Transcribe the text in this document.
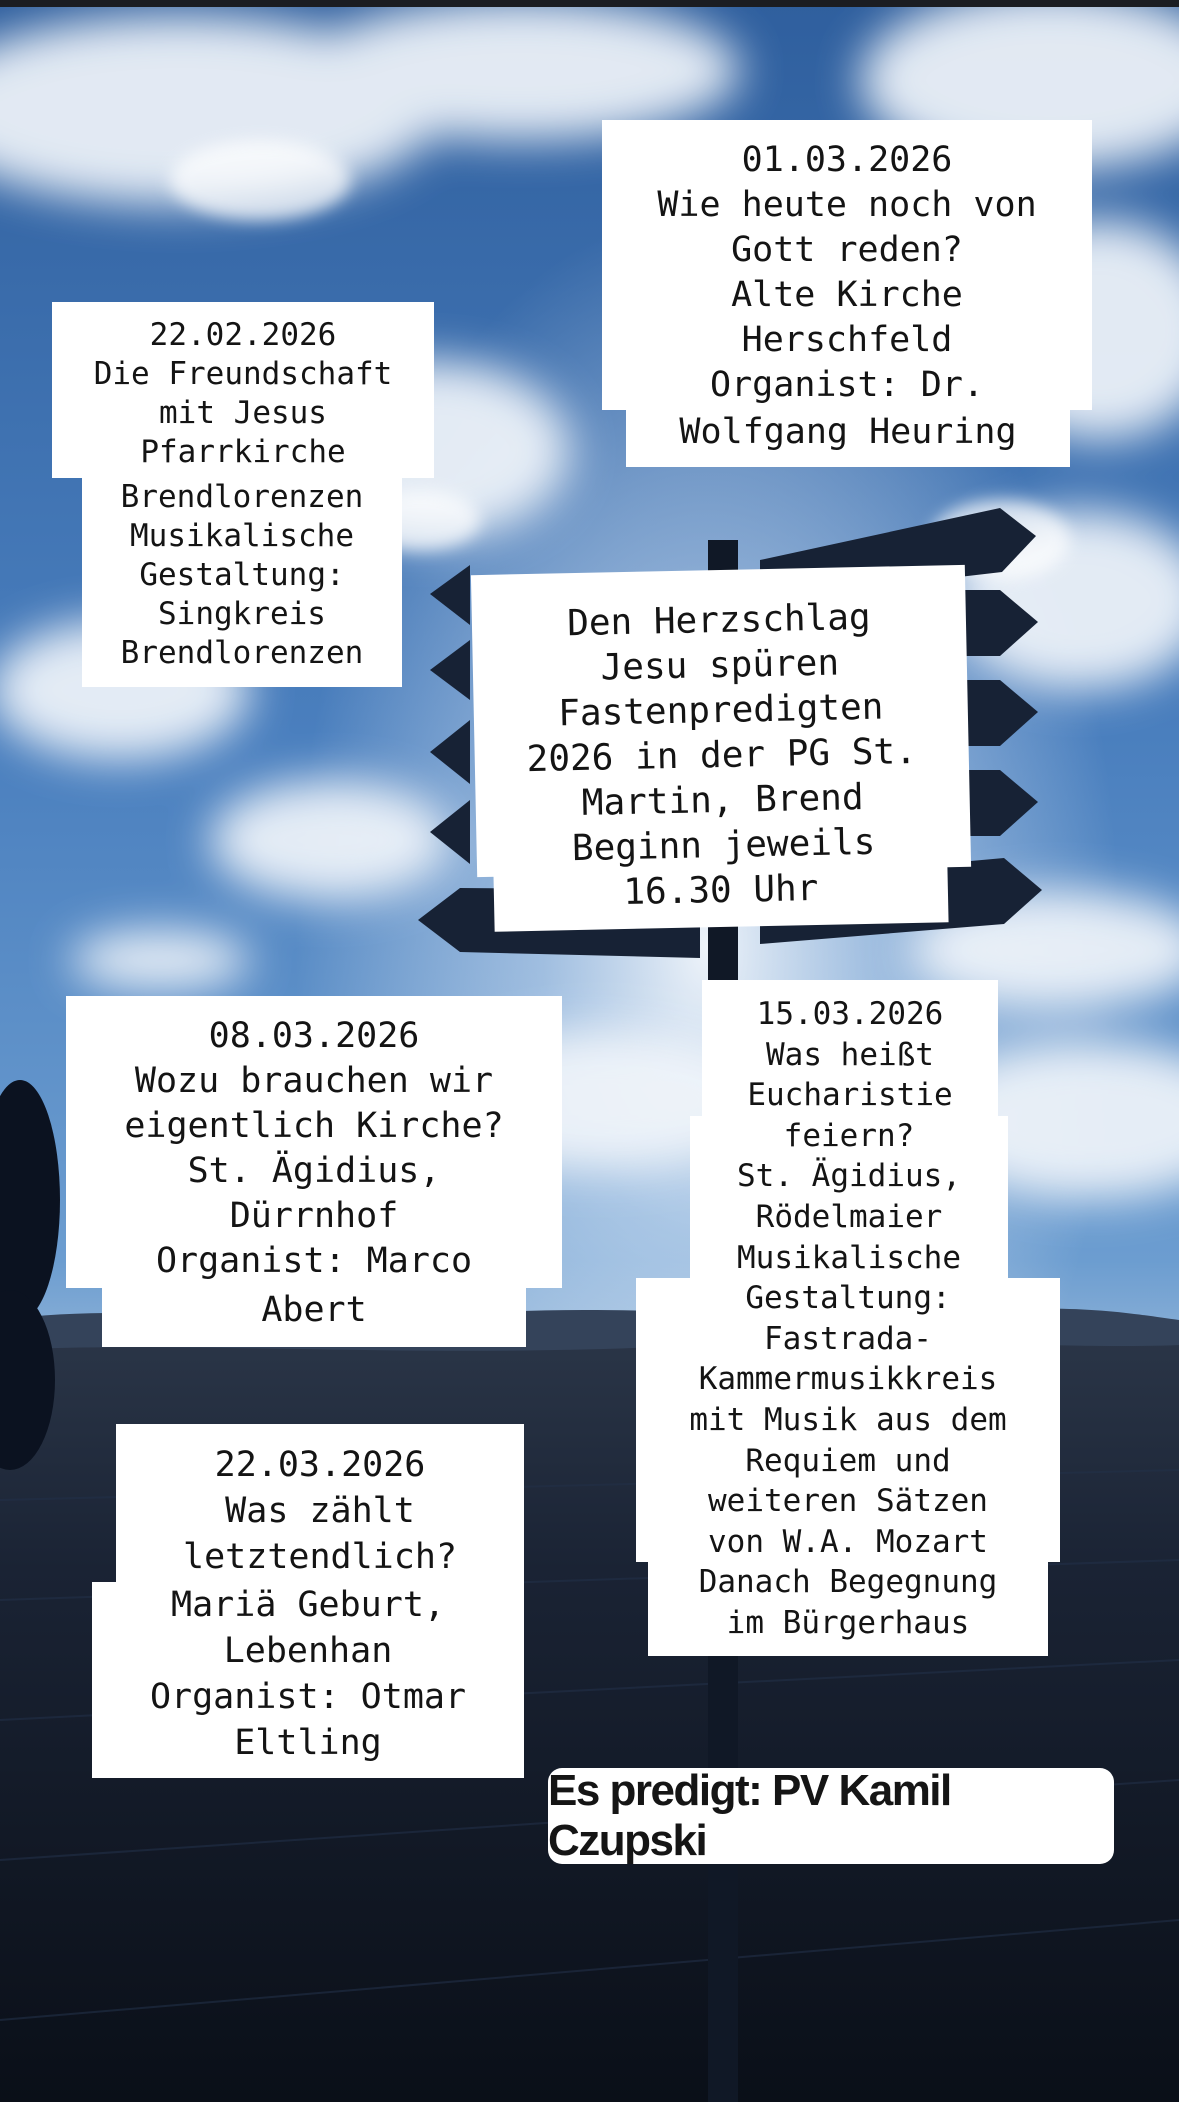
22.02.2026
Die Freundschaft
mit Jesus
Pfarrkirche
Brendlorenzen
Musikalische
Gestaltung:
Singkreis
Brendlorenzen
01.03.2026
Wie heute noch von
Gott reden?
Alte Kirche
Herschfeld
Organist: Dr.
Wolfgang Heuring
Den Herzschlag
Jesu spüren
Fastenpredigten
2026 in der PG St.
Martin, Brend
Beginn jeweils
16.30 Uhr
08.03.2026
Wozu brauchen wir
eigentlich Kirche?
St. Ägidius,
Dürrnhof
Organist: Marco
Abert
15.03.2026
Was heißt
Eucharistie
feiern?
St. Ägidius,
Rödelmaier
Musikalische
Gestaltung:
Fastrada-
Kammermusikkreis
mit Musik aus dem
Requiem und
weiteren Sätzen
von W.A. Mozart
Danach Begegnung
im Bürgerhaus
22.03.2026
Was zählt
letztendlich?
Mariä Geburt,
Lebenhan
Organist: Otmar
Eltling
Es predigt: PV Kamil Czupski
